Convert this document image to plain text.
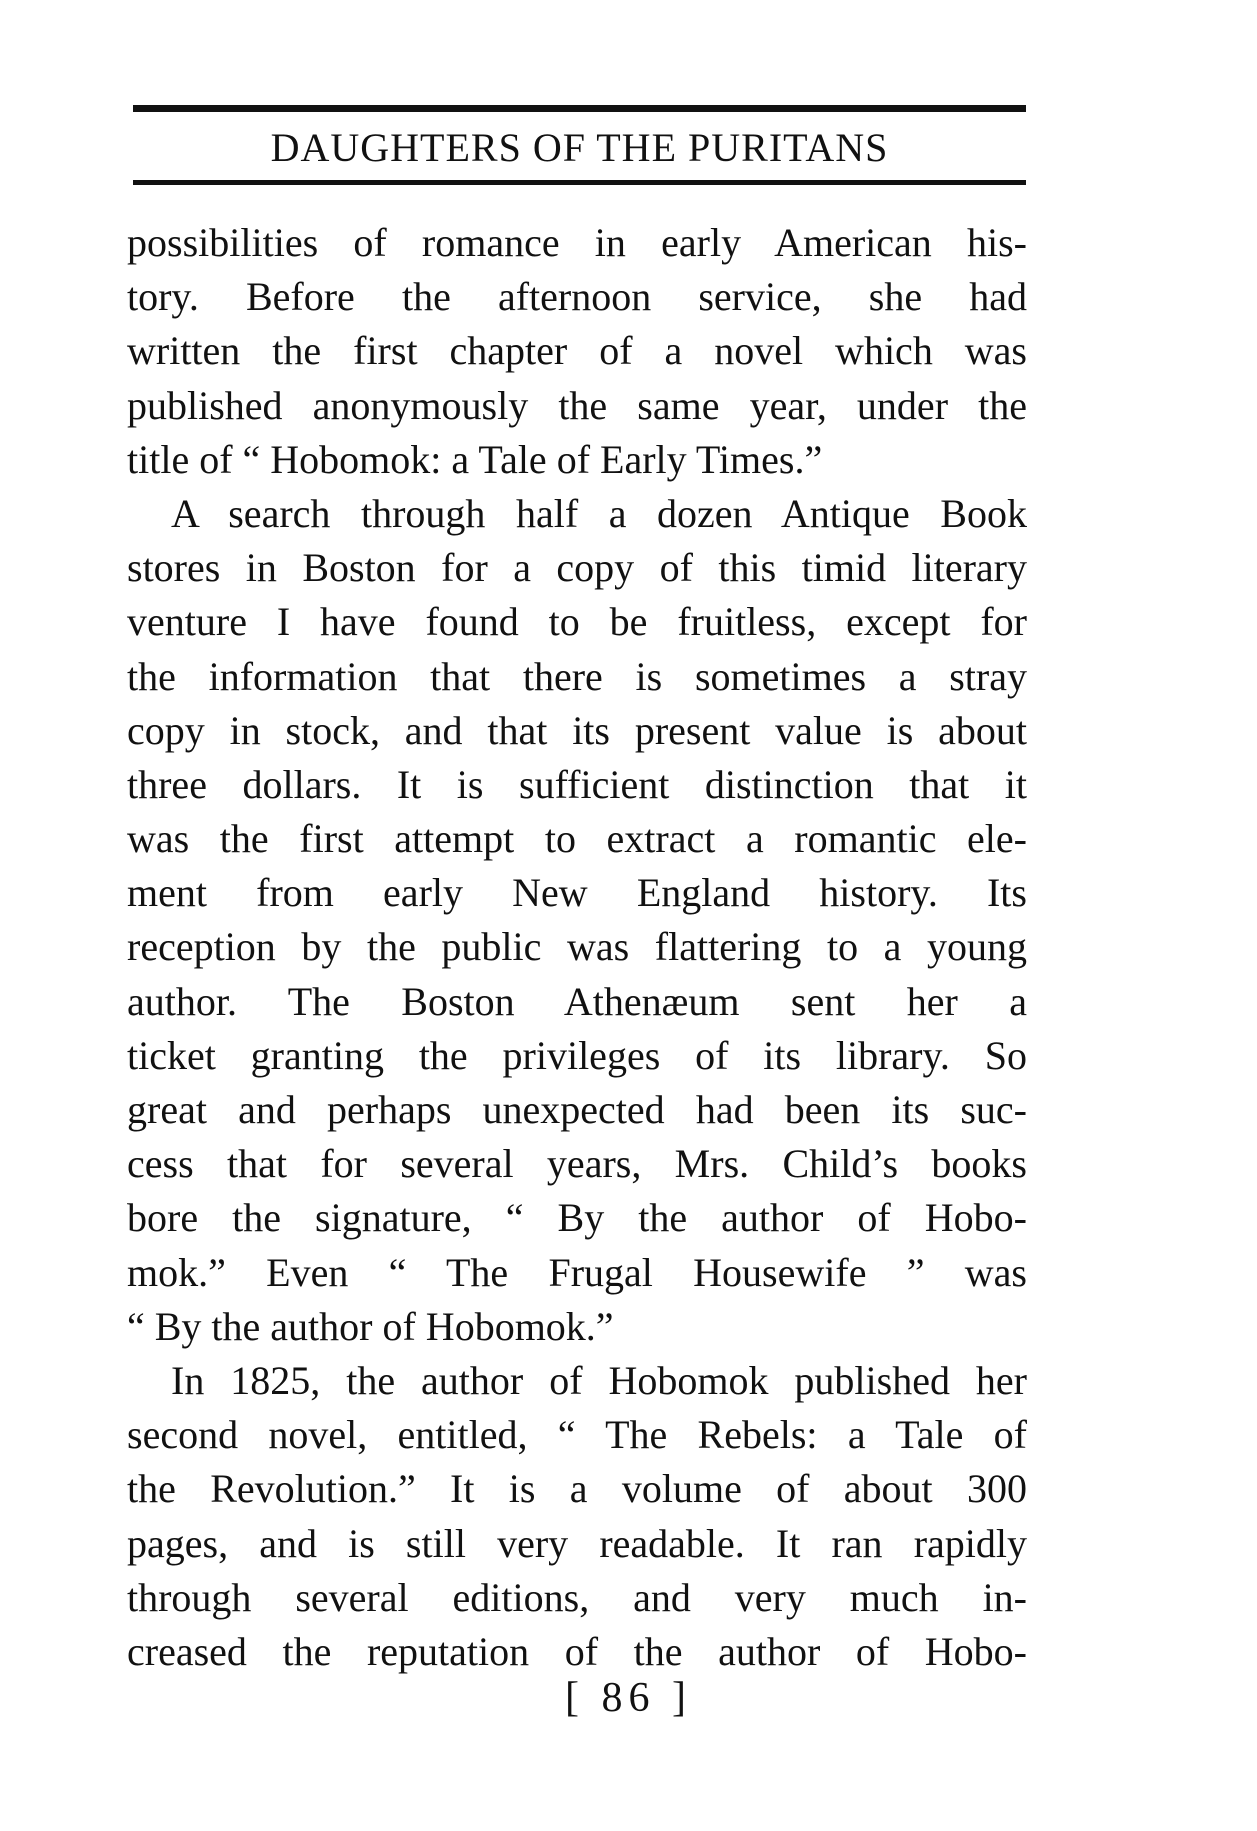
DAUGHTERS OF THE PURITANS
possibilities of romance in early American his-
tory. Before the afternoon service, she had
written the first chapter of a novel which was
published anonymously the same year, under the
title of “ Hobomok: a Tale of Early Times.”
A search through half a dozen Antique Book
stores in Boston for a copy of this timid literary
venture I have found to be fruitless, except for
the information that there is sometimes a stray
copy in stock, and that its present value is about
three dollars. It is sufficient distinction that it
was the first attempt to extract a romantic ele-
ment from early New England history. Its
reception by the public was flattering to a young
author. The Boston Athenæum sent her a
ticket granting the privileges of its library. So
great and perhaps unexpected had been its suc-
cess that for several years, Mrs. Child’s books
bore the signature, “ By the author of Hobo-
mok.” Even “ The Frugal Housewife ” was
“ By the author of Hobomok.”
In 1825, the author of Hobomok published her
second novel, entitled, “ The Rebels: a Tale of
the Revolution.” It is a volume of about 300
pages, and is still very readable. It ran rapidly
through several editions, and very much in-
creased the reputation of the author of Hobo-
[ 86 ]
